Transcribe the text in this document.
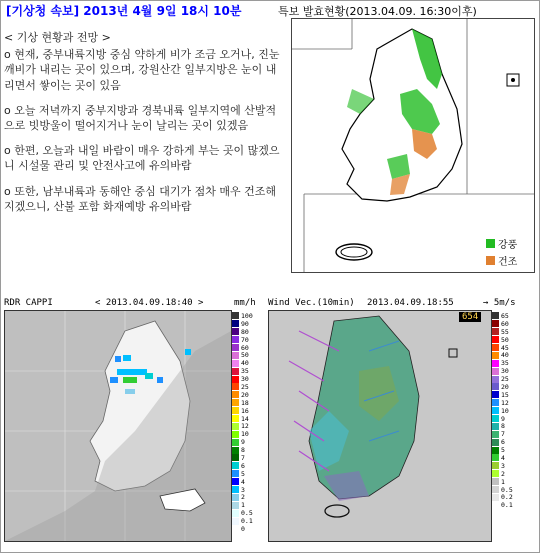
[기상청 속보] 2013년 4월 9일 18시 10분

< 기상 현황과 전망 >

o 현재, 중부내륙지방 중심 약하게 비가 조금 오거나, 진눈깨비가 내리는 곳이 있으며, 강원산간 일부지방은 눈이 내리면서 쌓이는 곳이 있음

o 오늘 저녁까지 중부지방과 경북내륙 일부지역에 산발적으로 빗방울이 떨어지거나 눈이 날리는 곳이 있겠음

o 한편, 오늘과 내일 바람이 매우 강하게 부는 곳이 많겠으니 시설물 관리 및 안전사고에 유의바람

o 또한, 남부내륙과 동해안 중심 대기가 점차 매우 건조해지겠으니, 산불 포함 화재예방 유의바람

특보 발효현황(2013.04.09. 16:30이후)
강풍
건조
RDR CAPPI	< 2013.04.09.18:40 >	mm/h
100
90
80
70
60
50
40
35
30
25
20
18
16
14
12
10
9
8
7
6
5
4
3
2
1
0.5
0.1
0
Wind Vec.(10min) 2013.04.09.18:55	→ 5m/s
654	65
60
55
50
45
40
35
30
25
20
15
12
10
9
8
7
6
5
4
3
2
1
0.5
0.2
0.1
